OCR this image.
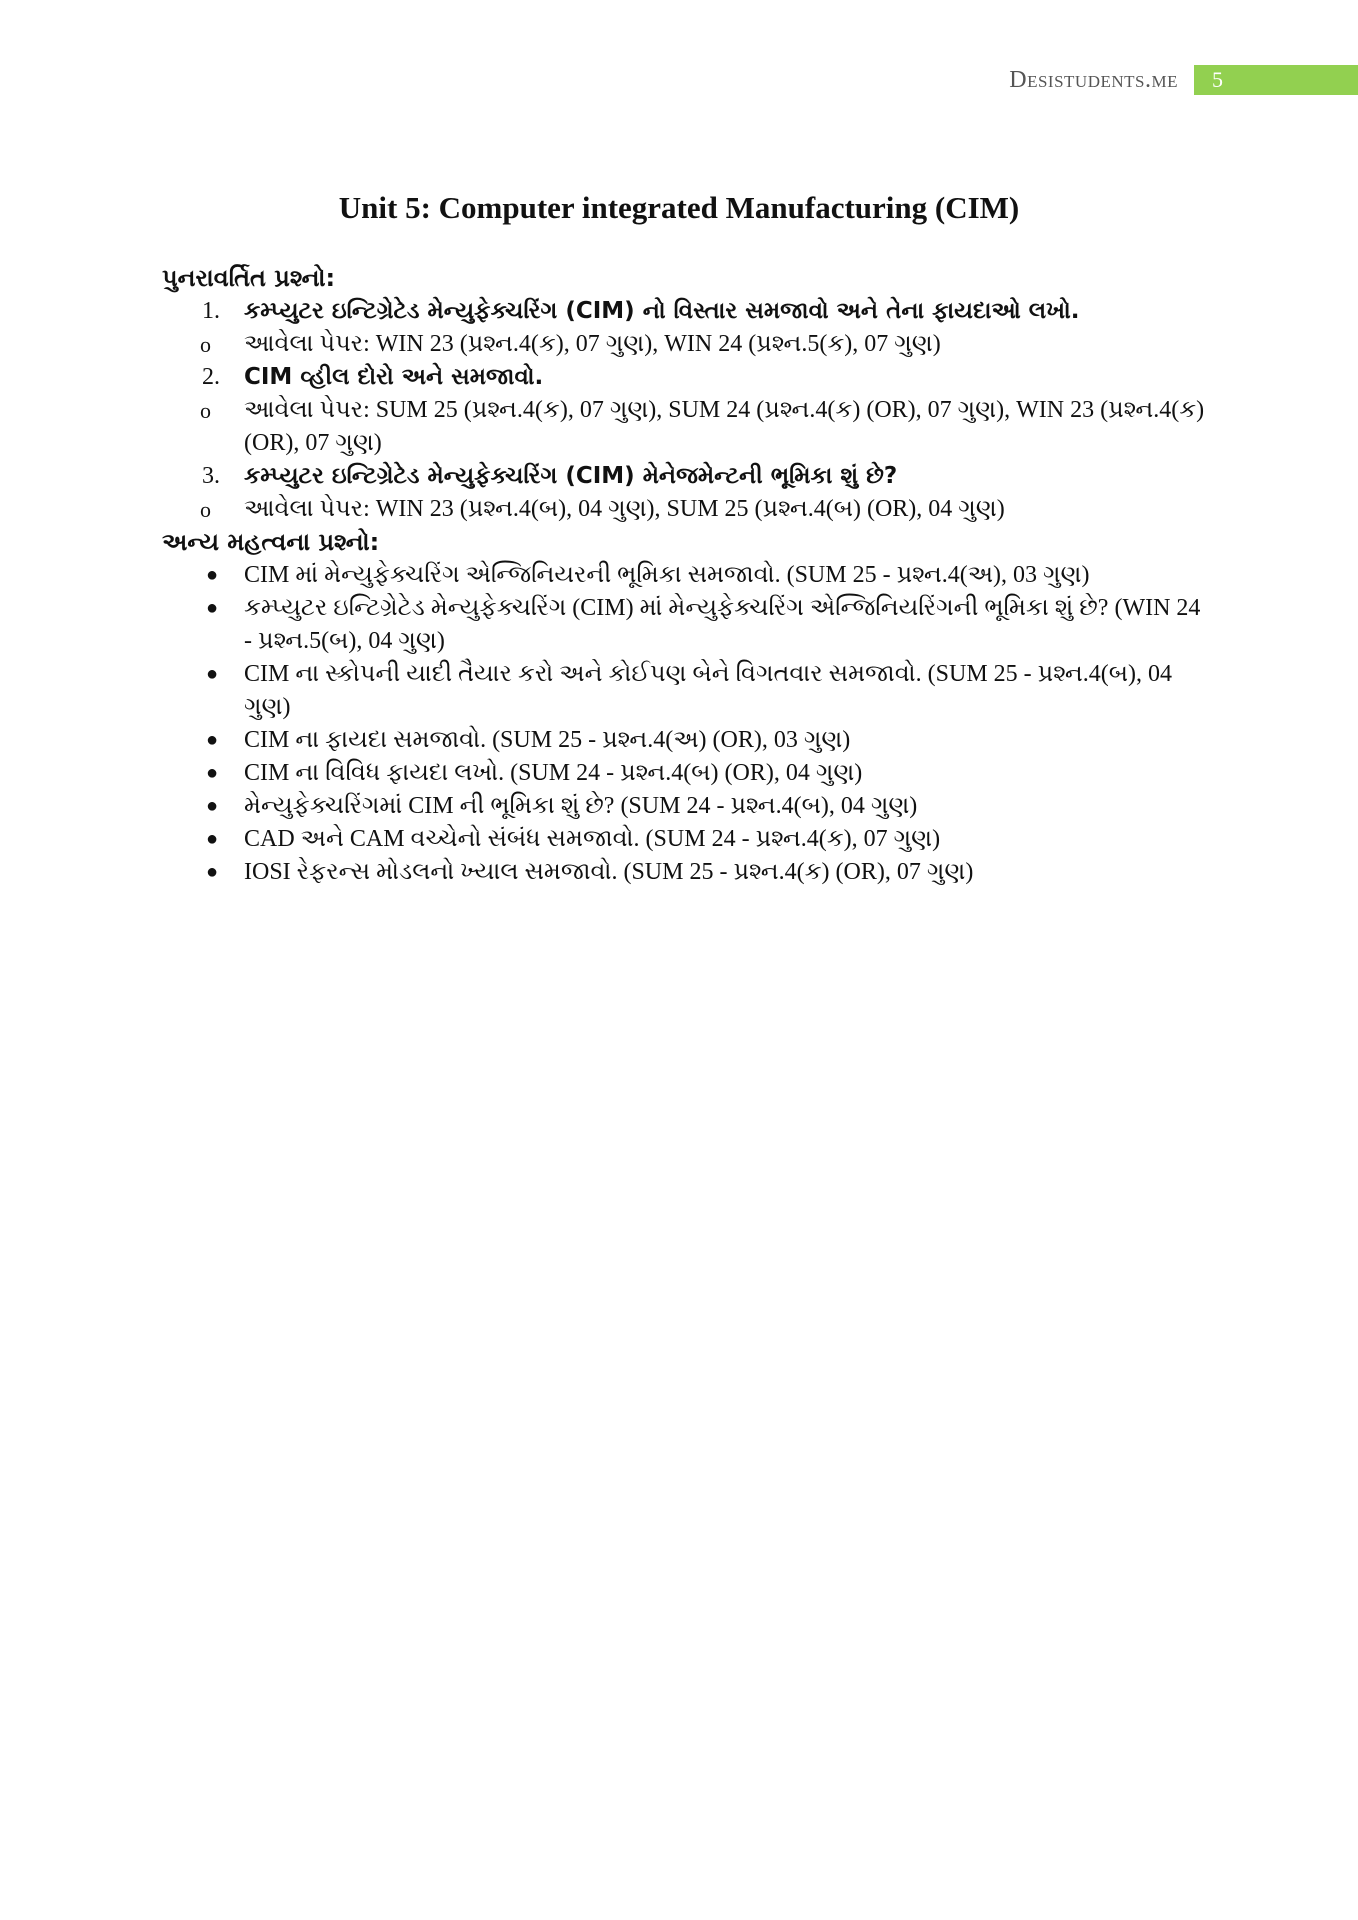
Desistudents.me	5
Unit 5: Computer integrated Manufacturing (CIM)
પુનરાવર્તિત પ્રશ્નો:
1. કમ્પ્યુટર ઇન્ટિગ્રેટેડ મેન્યુફેક્ચરિંગ (CIM) નો વિસ્તાર સમજાવો અને તેના ફાયદાઓ લખો.
o આવેલા પેપર: WIN 23 (પ્રશ્ન.4(ક), 07 ગુણ), WIN 24 (પ્રશ્ન.5(ક), 07 ગુણ)
2. CIM વ્હીલ દોરો અને સમજાવો.
o આવેલા પેપર: SUM 25 (પ્રશ્ન.4(ક), 07 ગુણ), SUM 24 (પ્રશ્ન.4(ક) (OR), 07 ગુણ), WIN 23 (પ્રશ્ન.4(ક) (OR), 07 ગુણ)
3. કમ્પ્યુટર ઇન્ટિગ્રેટેડ મેન્યુફેક્ચરિંગ (CIM) મેનેજમેન્ટની ભૂમિકા શું છે?
o આવેલા પેપર: WIN 23 (પ્રશ્ન.4(બ), 04 ગુણ), SUM 25 (પ્રશ્ન.4(બ) (OR), 04 ગુણ)
અન્ય મહત્વના પ્રશ્નો:
● CIM માં મેન્યુફેક્ચરિંગ એન્જિનિયરની ભૂમિકા સમજાવો. (SUM 25 - પ્રશ્ન.4(અ), 03 ગુણ)
● કમ્પ્યુટર ઇન્ટિગ્રેટેડ મેન્યુફેક્ચરિંગ (CIM) માં મેન્યુફેક્ચરિંગ એન્જિનિયરિંગની ભૂમિકા શું છે? (WIN 24 - પ્રશ્ન.5(બ), 04 ગુણ)
● CIM ના સ્કોપની યાદી તૈયાર કરો અને કોઈપણ બેને વિગતવાર સમજાવો. (SUM 25 - પ્રશ્ન.4(બ), 04 ગુણ)
● CIM ના ફાયદા સમજાવો. (SUM 25 - પ્રશ્ન.4(અ) (OR), 03 ગુણ)
● CIM ના વિવિધ ફાયદા લખો. (SUM 24 - પ્રશ્ન.4(બ) (OR), 04 ગુણ)
● મેન્યુફેક્ચરિંગમાં CIM ની ભૂમિકા શું છે? (SUM 24 - પ્રશ્ન.4(બ), 04 ગુણ)
● CAD અને CAM વચ્ચેનો સંબંધ સમજાવો. (SUM 24 - પ્રશ્ન.4(ક), 07 ગુણ)
● IOSI રેફરન્સ મોડલનો ખ્યાલ સમજાવો. (SUM 25 - પ્રશ્ન.4(ક) (OR), 07 ગુણ)
